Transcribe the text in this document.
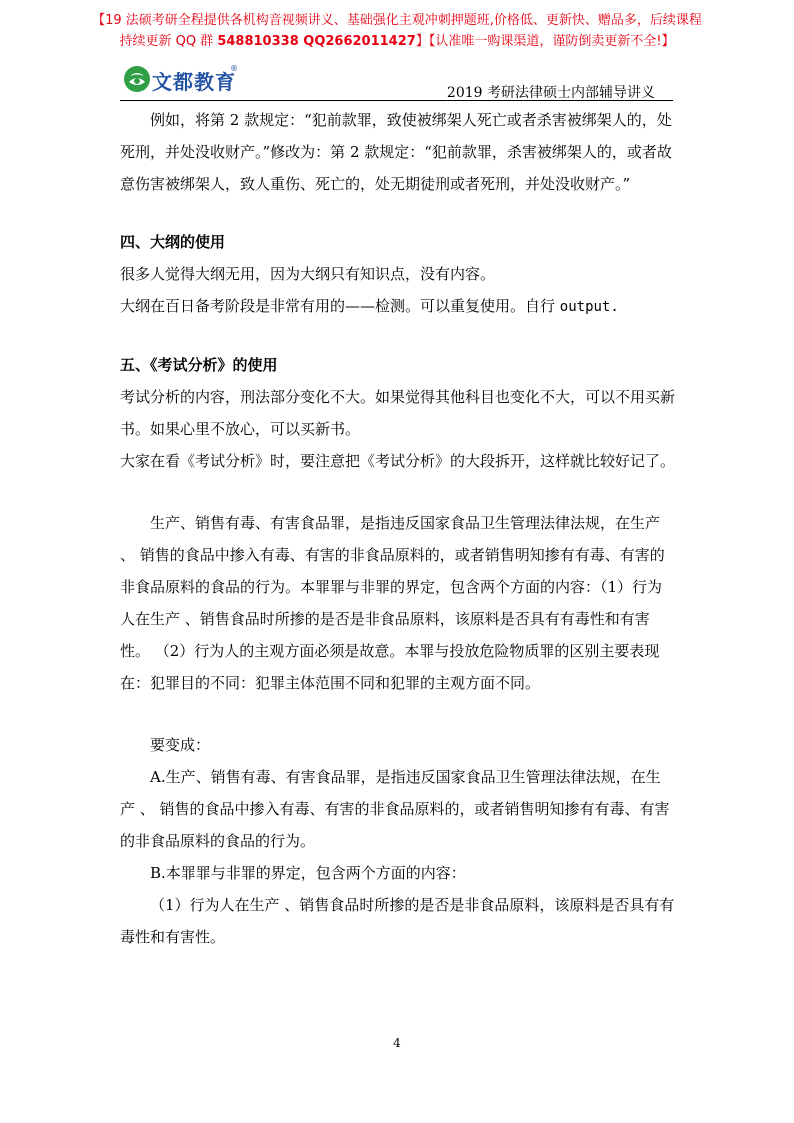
【19 法硕考研全程提供各机构音视频讲义、基础强化主观冲刺押题班,价格低、更新快、赠品多，后续课程
持续更新 QQ 群 548810338 QQ2662011427】【认准唯一购课渠道，谨防倒卖更新不全!】
文都教育
®
2019 考研法律硕士内部辅导讲义

例如，将第 2 款规定：“犯前款罪，致使被绑架人死亡或者杀害被绑架人的，处死刑，并处没收财产。”修改为：第 2 款规定：“犯前款罪，杀害被绑架人的，或者故意伤害被绑架人，致人重伤、死亡的，处无期徒刑或者死刑，并处没收财产。”

四、大纲的使用

很多人觉得大纲无用，因为大纲只有知识点，没有内容。

大纲在百日备考阶段是非常有用的——检测。可以重复使用。自行 output.

五、《考试分析》的使用

考试分析的内容，刑法部分变化不大。如果觉得其他科目也变化不大，可以不用买新书。如果心里不放心，可以买新书。

大家在看《考试分析》时，要注意把《考试分析》的大段拆开，这样就比较好记了。

生产、销售有毒、有害食品罪，是指违反国家食品卫生管理法律法规，在生产 、 销售的食品中掺入有毒、有害的非食品原料的，或者销售明知掺有有毒、有害的非食品原料的食品的行为。本罪罪与非罪的界定，包含两个方面的内容：（1）行为人在生产 、销售食品时所掺的是否是非食品原料，该原料是否具有有毒性和有害性。 （2）行为人的主观方面必须是故意。本罪与投放危险物质罪的区别主要表现在：犯罪目的不同：犯罪主体范围不同和犯罪的主观方面不同。

要变成：

A.生产、销售有毒、有害食品罪，是指违反国家食品卫生管理法律法规，在生产 、 销售的食品中掺入有毒、有害的非食品原料的，或者销售明知掺有有毒、有害的非食品原料的食品的行为。

B.本罪罪与非罪的界定，包含两个方面的内容：

（1）行为人在生产 、销售食品时所掺的是否是非食品原料，该原料是否具有有毒性和有害性。

4
